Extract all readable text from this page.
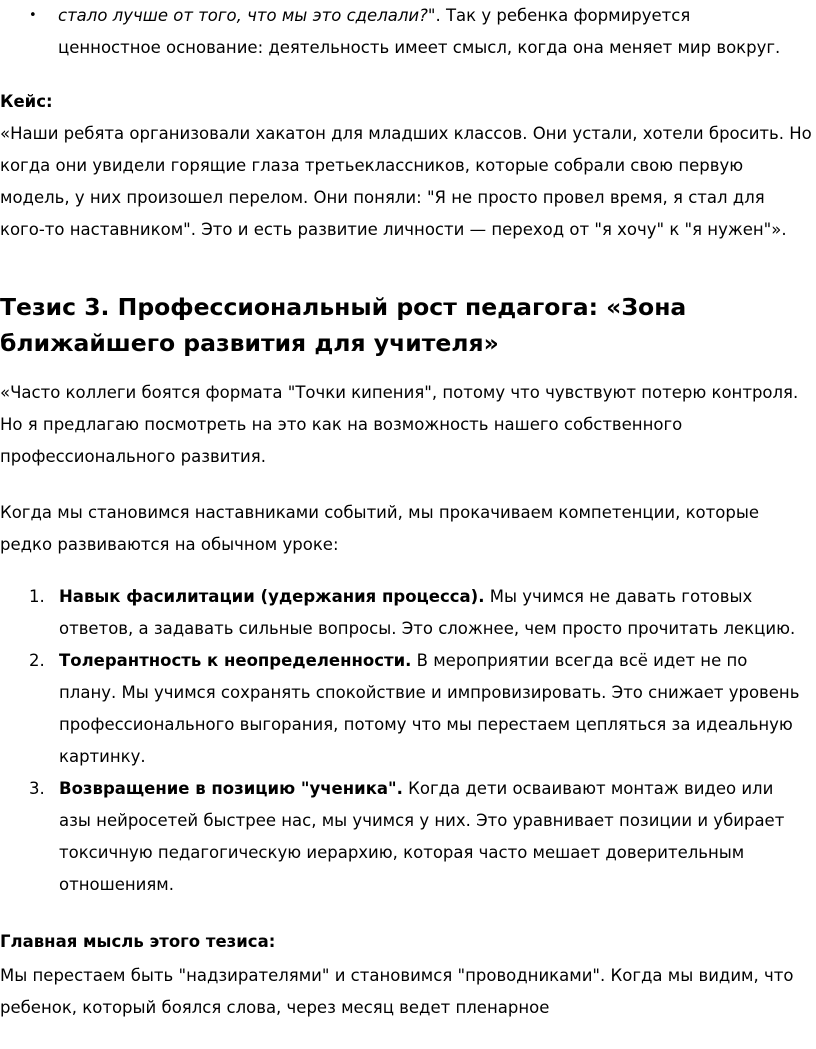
•	стало лучше от того, что мы это сделали?". Так у ребенка формируется ценностное основание: деятельность имеет смысл, когда она меняет мир вокруг.
Кейс:
«Наши ребята организовали хакатон для младших классов. Они устали, хотели бросить. Но когда они увидели горящие глаза третьеклассников, которые собрали свою первую модель, у них произошел перелом. Они поняли: "Я не просто провел время, я стал для кого-то наставником". Это и есть развитие личности — переход от "я хочу" к "я нужен"».
Тезис 3. Профессиональный рост педагога: «Зона ближайшего развития для учителя»
«Часто коллеги боятся формата "Точки кипения", потому что чувствуют потерю контроля. Но я предлагаю посмотреть на это как на возможность нашего собственного профессионального развития.
Когда мы становимся наставниками событий, мы прокачиваем компетенции, которые редко развиваются на обычном уроке:
1. Навык фасилитации (удержания процесса). Мы учимся не давать готовых ответов, а задавать сильные вопросы. Это сложнее, чем просто прочитать лекцию.
2. Толерантность к неопределенности. В мероприятии всегда всё идет не по плану. Мы учимся сохранять спокойствие и импровизировать. Это снижает уровень профессионального выгорания, потому что мы перестаем цепляться за идеальную картинку.
3. Возвращение в позицию "ученика". Когда дети осваивают монтаж видео или азы нейросетей быстрее нас, мы учимся у них. Это уравнивает позиции и убирает токсичную педагогическую иерархию, которая часто мешает доверительным отношениям.
Главная мысль этого тезиса:
Мы перестаем быть "надзирателями" и становимся "проводниками". Когда мы видим, что ребенок, который боялся слова, через месяц ведет пленарное
